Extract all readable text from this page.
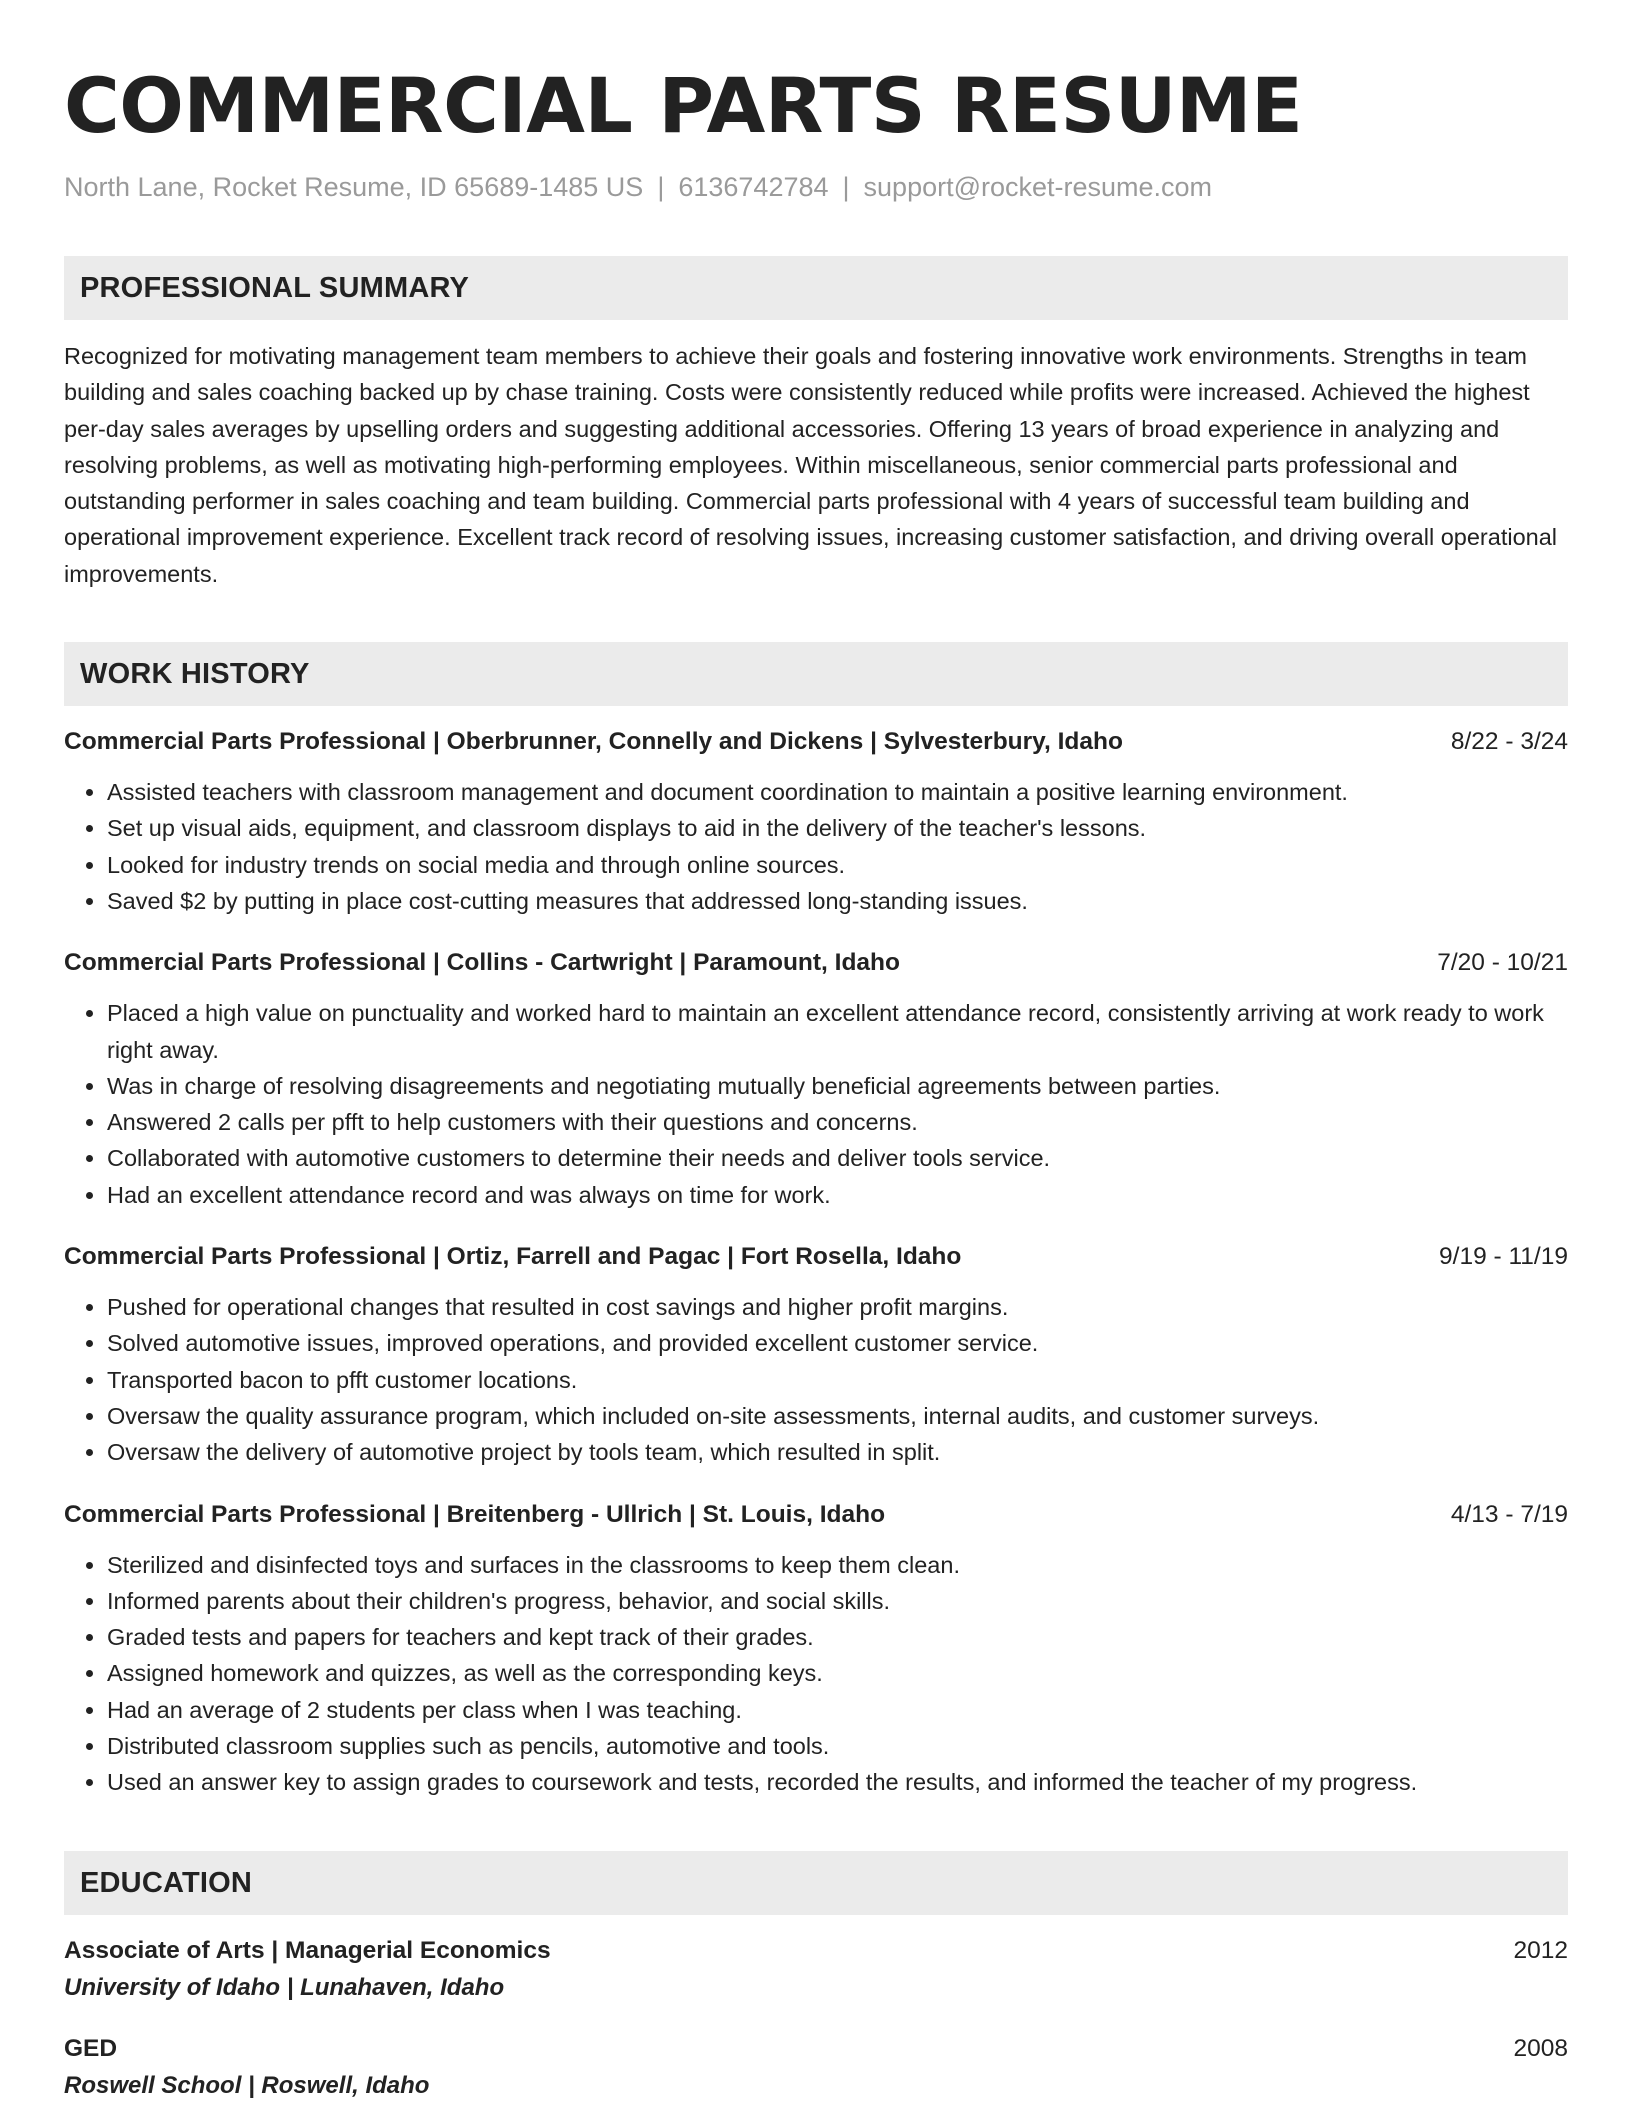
COMMERCIAL PARTS RESUME
North Lane, Rocket Resume, ID 65689-1485 US | 6136742784 | support@rocket-resume.com
PROFESSIONAL SUMMARY
Recognized for motivating management team members to achieve their goals and fostering innovative work environments. Strengths in team building and sales coaching backed up by chase training. Costs were consistently reduced while profits were increased. Achieved the highest per-day sales averages by upselling orders and suggesting additional accessories. Offering 13 years of broad experience in analyzing and resolving problems, as well as motivating high-performing employees. Within miscellaneous, senior commercial parts professional and outstanding performer in sales coaching and team building. Commercial parts professional with 4 years of successful team building and operational improvement experience. Excellent track record of resolving issues, increasing customer satisfaction, and driving overall operational improvements.
WORK HISTORY
Commercial Parts Professional | Oberbrunner, Connelly and Dickens | Sylvesterbury, Idaho	8/22 - 3/24
• Assisted teachers with classroom management and document coordination to maintain a positive learning environment.
• Set up visual aids, equipment, and classroom displays to aid in the delivery of the teacher's lessons.
• Looked for industry trends on social media and through online sources.
• Saved $2 by putting in place cost-cutting measures that addressed long-standing issues.
Commercial Parts Professional | Collins - Cartwright | Paramount, Idaho	7/20 - 10/21
• Placed a high value on punctuality and worked hard to maintain an excellent attendance record, consistently arriving at work ready to work right away.
• Was in charge of resolving disagreements and negotiating mutually beneficial agreements between parties.
• Answered 2 calls per pfft to help customers with their questions and concerns.
• Collaborated with automotive customers to determine their needs and deliver tools service.
• Had an excellent attendance record and was always on time for work.
Commercial Parts Professional | Ortiz, Farrell and Pagac | Fort Rosella, Idaho	9/19 - 11/19
• Pushed for operational changes that resulted in cost savings and higher profit margins.
• Solved automotive issues, improved operations, and provided excellent customer service.
• Transported bacon to pfft customer locations.
• Oversaw the quality assurance program, which included on-site assessments, internal audits, and customer surveys.
• Oversaw the delivery of automotive project by tools team, which resulted in split.
Commercial Parts Professional | Breitenberg - Ullrich | St. Louis, Idaho	4/13 - 7/19
• Sterilized and disinfected toys and surfaces in the classrooms to keep them clean.
• Informed parents about their children's progress, behavior, and social skills.
• Graded tests and papers for teachers and kept track of their grades.
• Assigned homework and quizzes, as well as the corresponding keys.
• Had an average of 2 students per class when I was teaching.
• Distributed classroom supplies such as pencils, automotive and tools.
• Used an answer key to assign grades to coursework and tests, recorded the results, and informed the teacher of my progress.
EDUCATION
Associate of Arts | Managerial Economics	2012
University of Idaho | Lunahaven, Idaho
GED	2008
Roswell School | Roswell, Idaho
